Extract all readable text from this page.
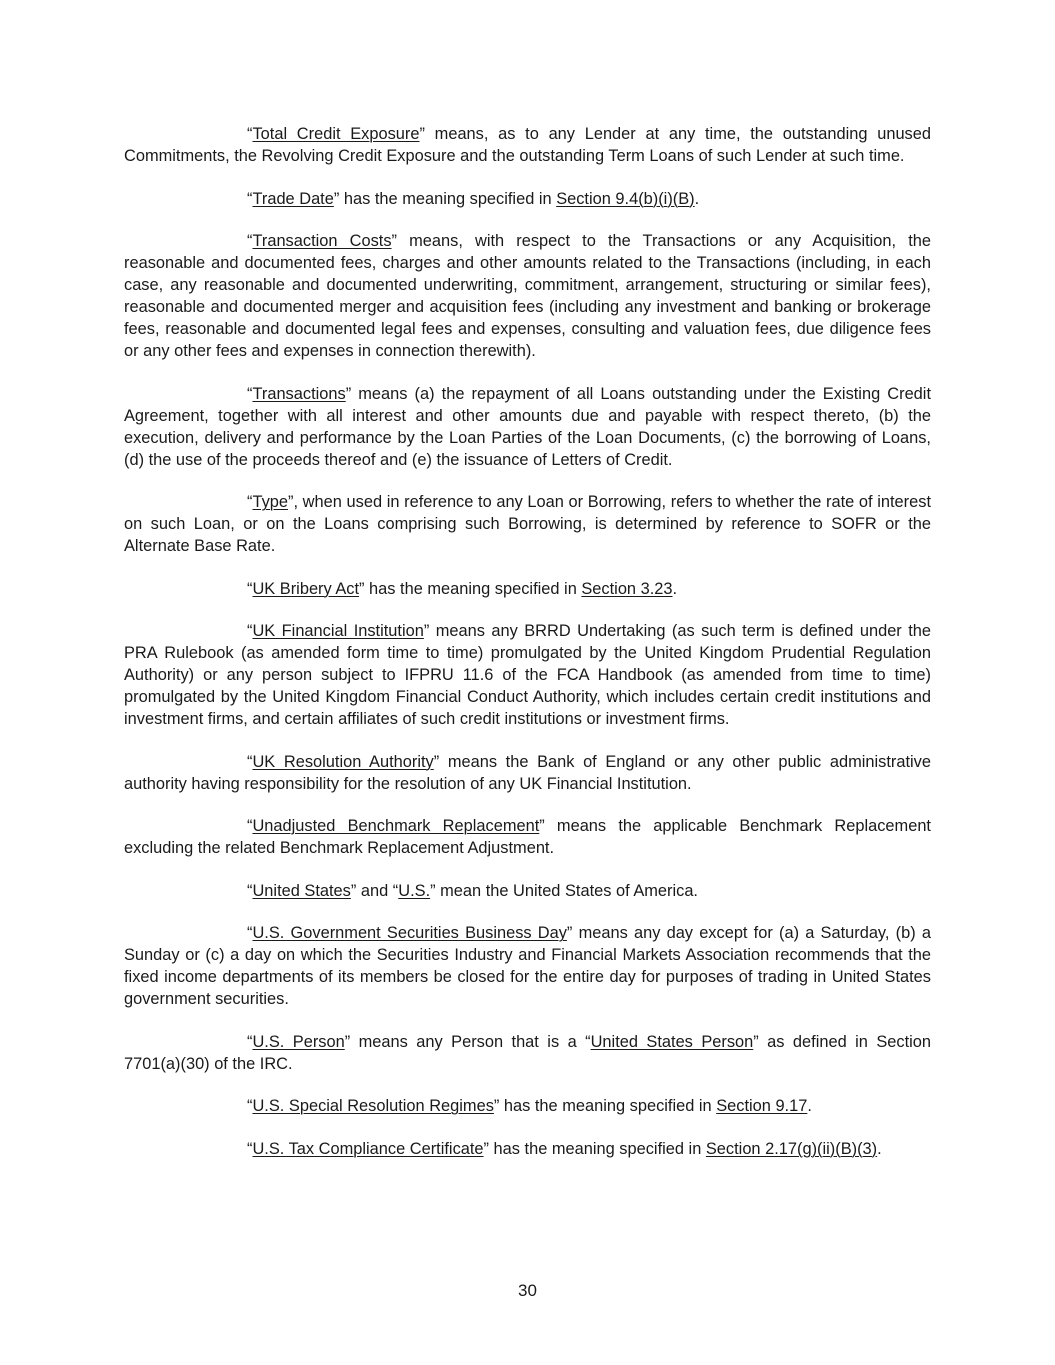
“Total Credit Exposure” means, as to any Lender at any time, the outstanding unused Commitments, the Revolving Credit Exposure and the outstanding Term Loans of such Lender at such time.

“Trade Date” has the meaning specified in Section 9.4(b)(i)(B).

“Transaction Costs” means, with respect to the Transactions or any Acquisition, the reasonable and documented fees, charges and other amounts related to the Transactions (including, in each case, any reasonable and documented underwriting, commitment, arrangement, structuring or similar fees), reasonable and documented merger and acquisition fees (including any investment and banking or brokerage fees, reasonable and documented legal fees and expenses, consulting and valuation fees, due diligence fees or any other fees and expenses in connection therewith).

“Transactions” means (a) the repayment of all Loans outstanding under the Existing Credit Agreement, together with all interest and other amounts due and payable with respect thereto, (b) the execution, delivery and performance by the Loan Parties of the Loan Documents, (c) the borrowing of Loans, (d) the use of the proceeds thereof and (e) the issuance of Letters of Credit.

“Type”, when used in reference to any Loan or Borrowing, refers to whether the rate of interest on such Loan, or on the Loans comprising such Borrowing, is determined by reference to SOFR or the Alternate Base Rate.

“UK Bribery Act” has the meaning specified in Section 3.23.

“UK Financial Institution” means any BRRD Undertaking (as such term is defined under the PRA Rulebook (as amended form time to time) promulgated by the United Kingdom Prudential Regulation Authority) or any person subject to IFPRU 11.6 of the FCA Handbook (as amended from time to time) promulgated by the United Kingdom Financial Conduct Authority, which includes certain credit institutions and investment firms, and certain affiliates of such credit institutions or investment firms.

“UK Resolution Authority” means the Bank of England or any other public administrative authority having responsibility for the resolution of any UK Financial Institution.

“Unadjusted Benchmark Replacement” means the applicable Benchmark Replacement excluding the related Benchmark Replacement Adjustment.

“United States” and “U.S.” mean the United States of America.

“U.S. Government Securities Business Day” means any day except for (a) a Saturday, (b) a Sunday or (c) a day on which the Securities Industry and Financial Markets Association recommends that the fixed income departments of its members be closed for the entire day for purposes of trading in United States government securities.

“U.S. Person” means any Person that is a “United States Person” as defined in Section 7701(a)(30) of the IRC.

“U.S. Special Resolution Regimes” has the meaning specified in Section 9.17.

“U.S. Tax Compliance Certificate” has the meaning specified in Section 2.17(g)(ii)(B)(3).

30
